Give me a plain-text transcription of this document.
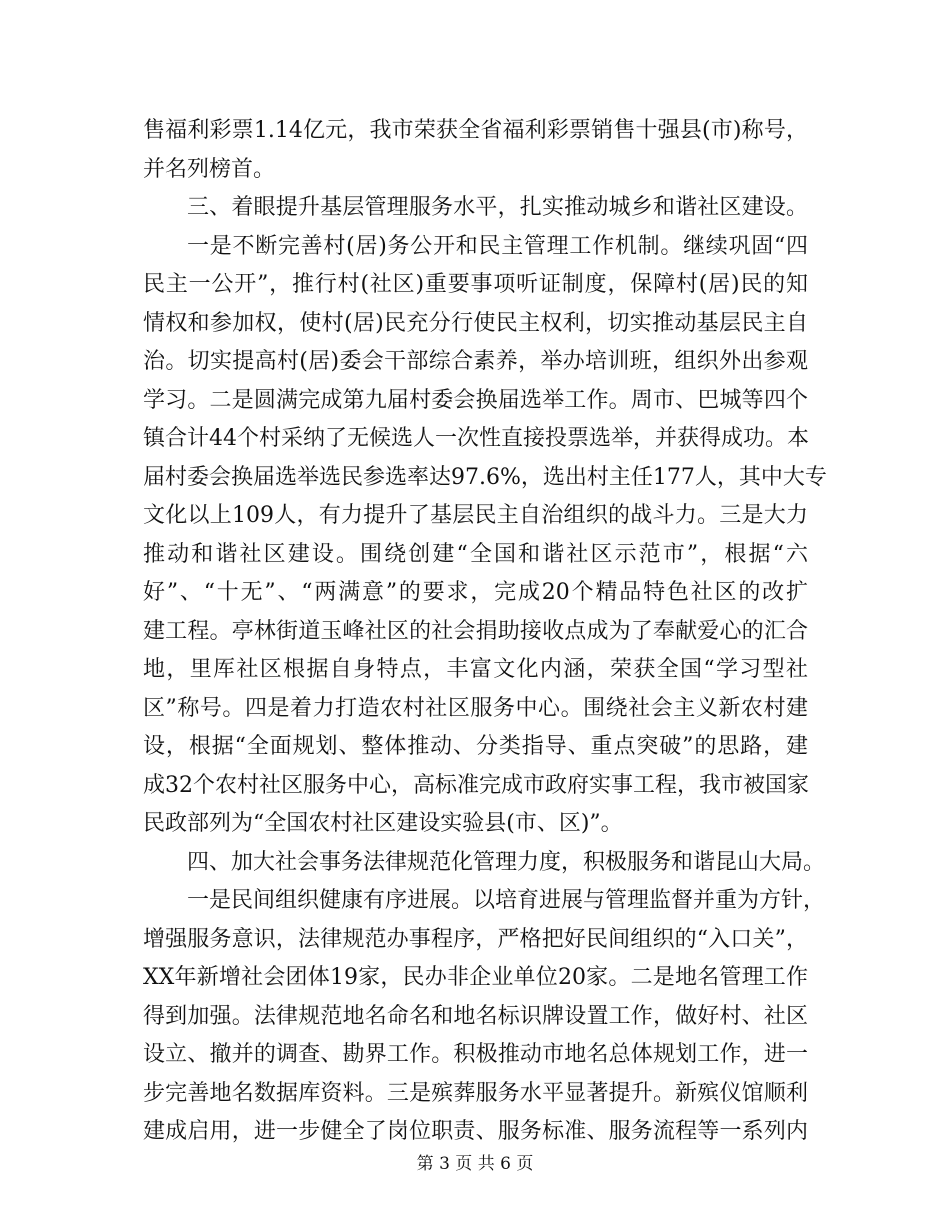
售福利彩票1.14亿元，我市荣获全省福利彩票销售十强县(市)称号，
并名列榜首。
三、着眼提升基层管理服务水平，扎实推动城乡和谐社区建设。
一是不断完善村(居)务公开和民主管理工作机制。继续巩固“四
民主一公开”，推行村(社区)重要事项听证制度，保障村(居)民的知
情权和参加权，使村(居)民充分行使民主权利，切实推动基层民主自
治。切实提高村(居)委会干部综合素养，举办培训班，组织外出参观
学习。二是圆满完成第九届村委会换届选举工作。周市、巴城等四个
镇合计44个村采纳了无候选人一次性直接投票选举，并获得成功。本
届村委会换届选举选民参选率达97.6%，选出村主任177人，其中大专
文化以上109人，有力提升了基层民主自治组织的战斗力。三是大力
推动和谐社区建设。围绕创建“全国和谐社区示范市”，根据“六
好”、“十无”、“两满意”的要求，完成20个精品特色社区的改扩
建工程。亭林街道玉峰社区的社会捐助接收点成为了奉献爱心的汇合
地，里厍社区根据自身特点，丰富文化内涵，荣获全国“学习型社
区”称号。四是着力打造农村社区服务中心。围绕社会主义新农村建
设，根据“全面规划、整体推动、分类指导、重点突破”的思路，建
成32个农村社区服务中心，高标准完成市政府实事工程，我市被国家
民政部列为“全国农村社区建设实验县(市、区)”。
四、加大社会事务法律规范化管理力度，积极服务和谐昆山大局。
一是民间组织健康有序进展。以培育进展与管理监督并重为方针，
增强服务意识，法律规范办事程序，严格把好民间组织的“入口关”，
XX年新增社会团体19家，民办非企业单位20家。二是地名管理工作
得到加强。法律规范地名命名和地名标识牌设置工作，做好村、社区
设立、撤并的调查、勘界工作。积极推动市地名总体规划工作，进一
步完善地名数据库资料。三是殡葬服务水平显著提升。新殡仪馆顺利
建成启用，进一步健全了岗位职责、服务标准、服务流程等一系列内
第 3 页 共 6 页
